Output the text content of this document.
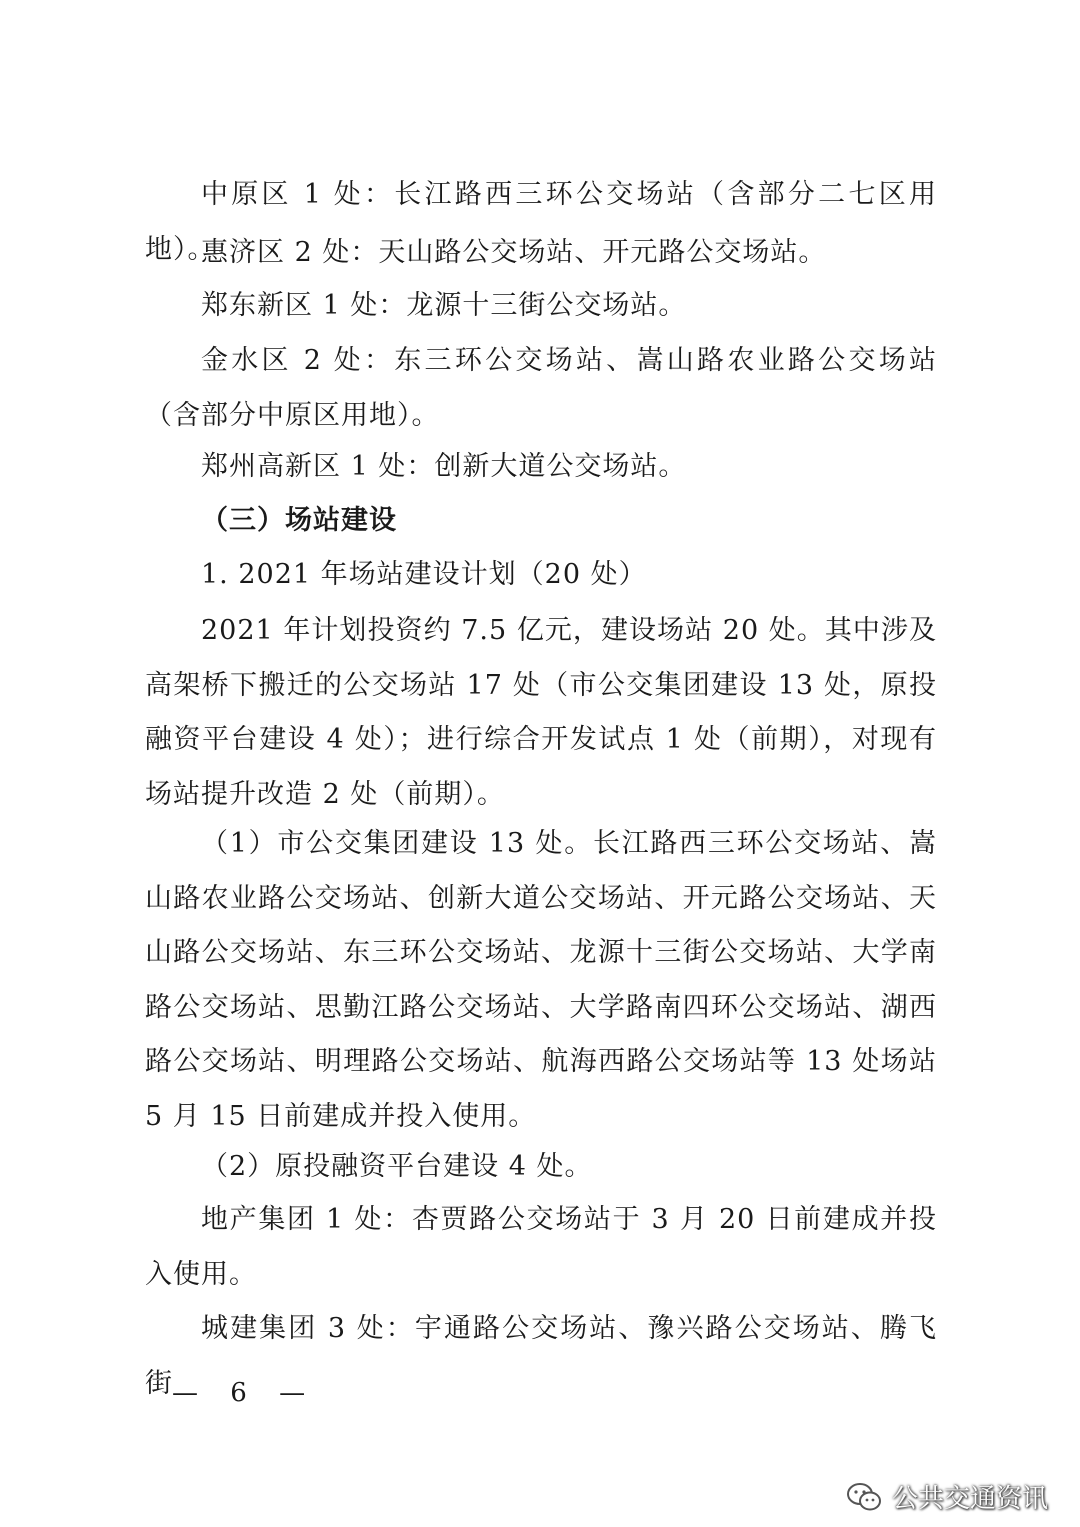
中原区 1 处：长江路西三环公交场站（含部分二七区用地）。

惠济区 2 处：天山路公交场站、开元路公交场站。

郑东新区 1 处：龙源十三街公交场站。

金水区 2 处：东三环公交场站、嵩山路农业路公交场站（含部分中原区用地）。

郑州高新区 1 处：创新大道公交场站。

（三）场站建设

1. 2021 年场站建设计划（20 处）

2021 年计划投资约 7.5 亿元，建设场站 20 处。其中涉及高架桥下搬迁的公交场站 17 处（市公交集团建设 13 处，原投融资平台建设 4 处）；进行综合开发试点 1 处（前期），对现有场站提升改造 2 处（前期）。

（1）市公交集团建设 13 处。长江路西三环公交场站、嵩山路农业路公交场站、创新大道公交场站、开元路公交场站、天山路公交场站、东三环公交场站、龙源十三街公交场站、大学南路公交场站、思勤江路公交场站、大学路南四环公交场站、湖西路公交场站、明理路公交场站、航海西路公交场站等 13 处场站 5 月 15 日前建成并投入使用。

（2）原投融资平台建设 4 处。

地产集团 1 处：杏贾路公交场站于 3 月 20 日前建成并投入使用。

城建集团 3 处：宇通路公交场站、豫兴路公交场站、腾飞街 — 6 —
公共交通资讯
